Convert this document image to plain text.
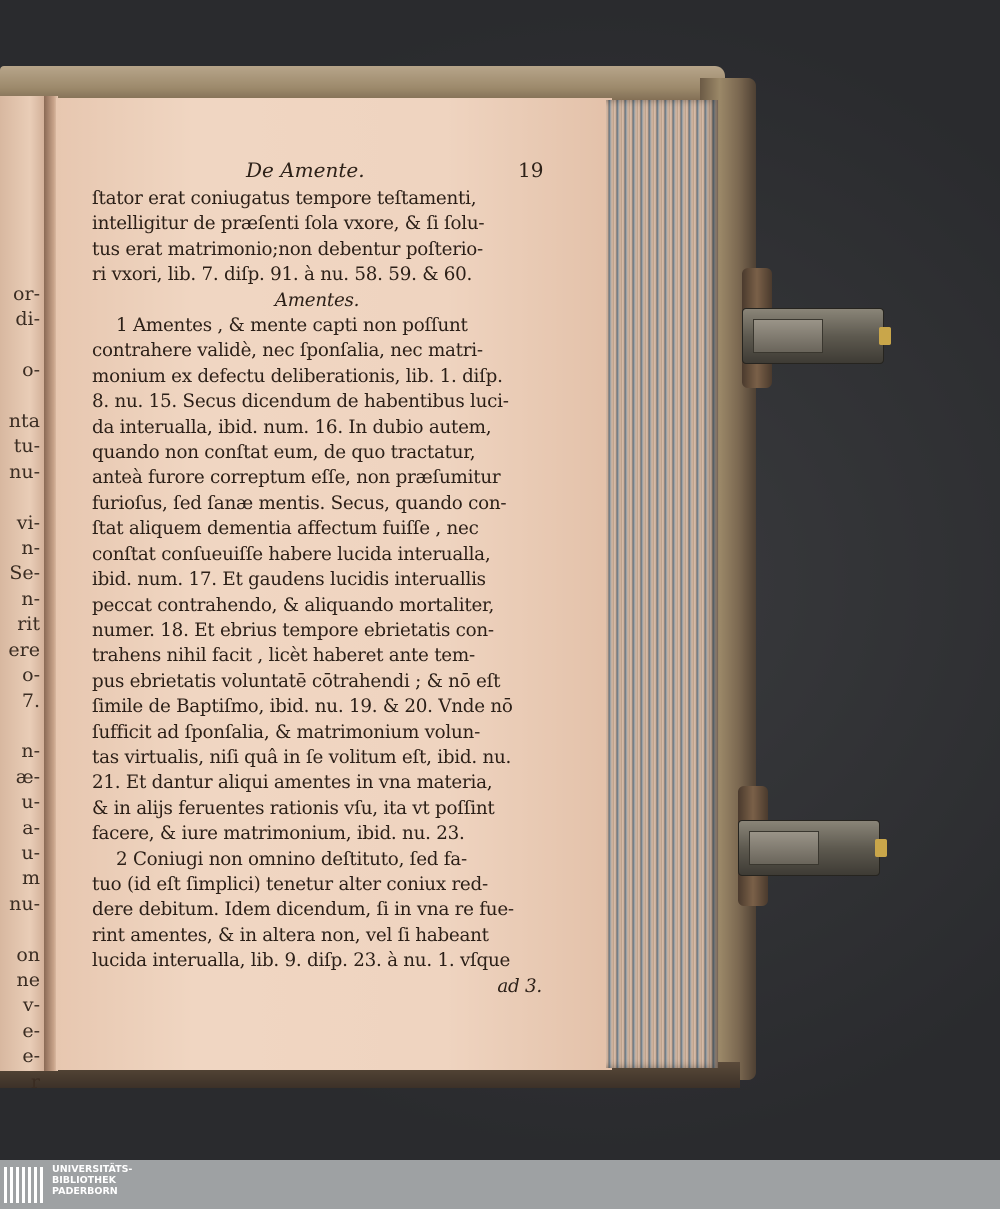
or-
di-

o-

nta
tu-
nu-

vi-
n-
Se-
n-
rit
ere
o-
7.

n-
æ-
u-
a-
u-
m
nu-

on
ne
v-
e-
e-
r
De Amente.	19
ſtator erat coniugatus tempore teſtamenti,
intelligitur de præſenti ſola vxore, & ſi ſolu-
tus erat matrimonio;non debentur poſterio-
ri vxori, lib. 7. diſp. 91. à nu. 58. 59. & 60.
Amentes.
1 Amentes , & mente capti non poſſunt
contrahere validè, nec ſponſalia, nec matri-
monium ex defectu deliberationis, lib. 1. diſp.
8. nu. 15. Secus dicendum de habentibus luci-
da interualla, ibid. num. 16. In dubio autem,
quando non conſtat eum, de quo tractatur,
anteà furore correptum eſſe, non præſumitur
furioſus, ſed ſanæ mentis. Secus, quando con-
ſtat aliquem dementia affectum fuiſſe , nec
conſtat conſueuiſſe habere lucida interualla,
ibid. num. 17. Et gaudens lucidis interuallis
peccat contrahendo, & aliquando mortaliter,
numer. 18. Et ebrius tempore ebrietatis con-
trahens nihil facit , licèt haberet ante tem-
pus ebrietatis voluntatē cōtrahendi ; & nō eſt
ſimile de Baptiſmo, ibid. nu. 19. & 20. Vnde nō
ſufficit ad ſponſalia, & matrimonium volun-
tas virtualis, niſi quâ in ſe volitum eſt, ibid. nu.
21. Et dantur aliqui amentes in vna materia,
& in alijs feruentes rationis vſu, ita vt poſſint
facere, & iure matrimonium, ibid. nu. 23.
2 Coniugi non omnino deſtituto, ſed fa-
tuo (id eſt ſimplici) tenetur alter coniux red-
dere debitum. Idem dicendum, ſi in vna re fue-
rint amentes, & in altera non, vel ſi habeant
lucida interualla, lib. 9. diſp. 23. à nu. 1. vſque
ad 3.
UNIVERSITÄTS-
BIBLIOTHEK
PADERBORN
